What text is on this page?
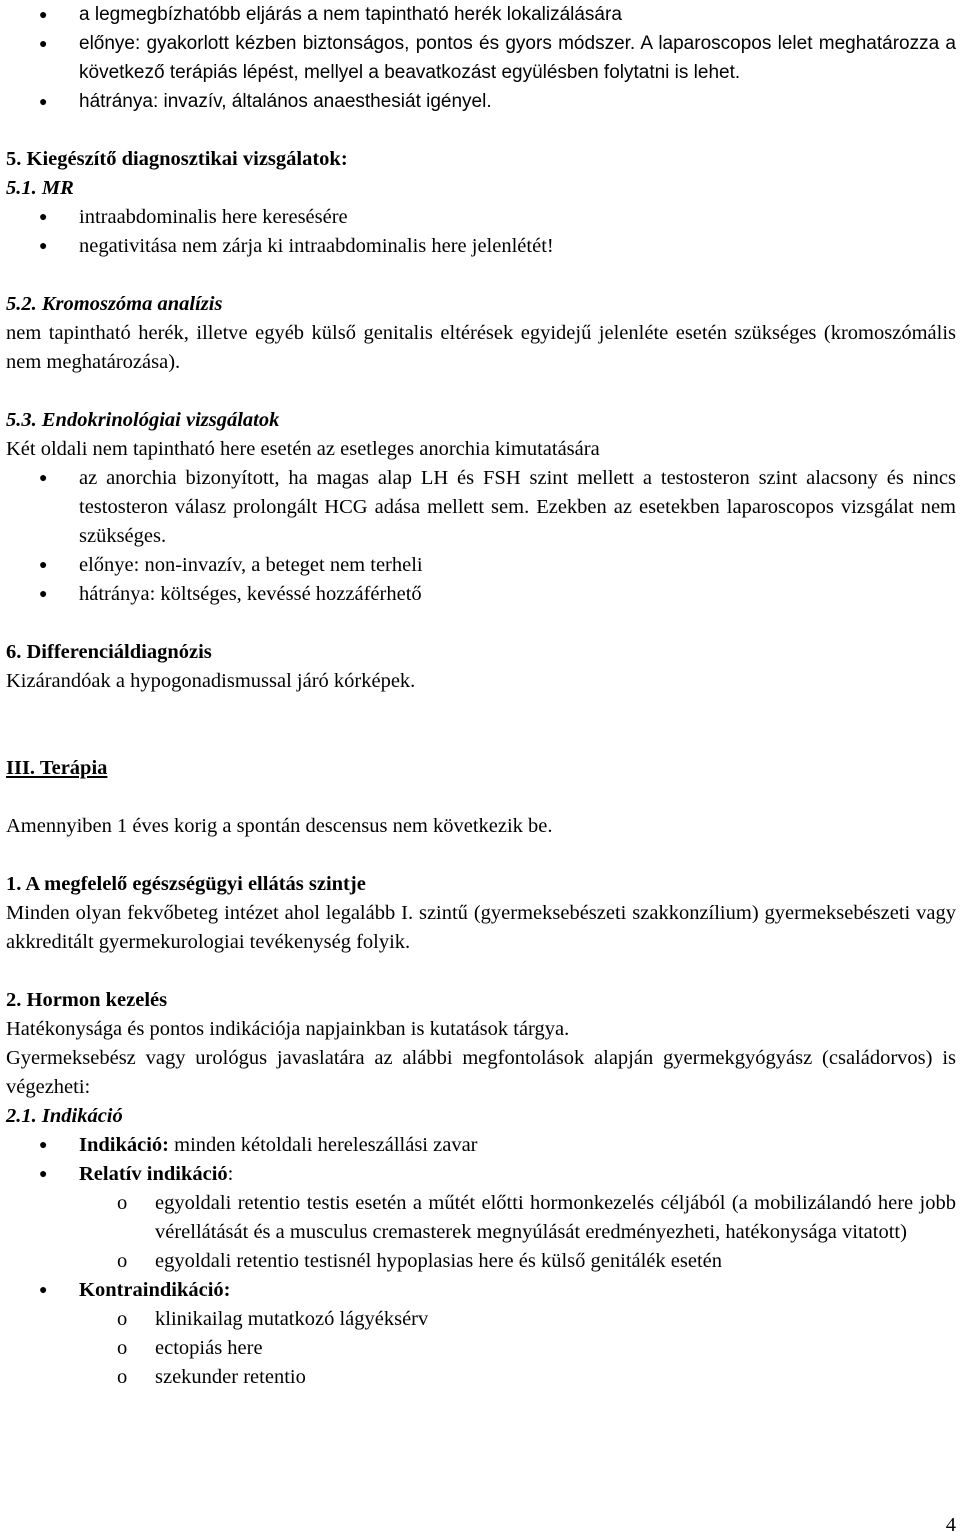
● a legmegbízhatóbb eljárás a nem tapintható herék lokalizálására
● előnye: gyakorlott kézben biztonságos, pontos és gyors módszer. A laparoscopos lelet meghatározza a következő terápiás lépést, mellyel a beavatkozást együlésben folytatni is lehet.
● hátránya: invazív, általános anaesthesiát igényel.

5. Kiegészítő diagnosztikai vizsgálatok:

5.1. MR

● intraabdominalis here keresésére
● negativitása nem zárja ki intraabdominalis here jelenlétét!

5.2. Kromoszóma analízis

nem tapintható herék, illetve egyéb külső genitalis eltérések egyidejű jelenléte esetén szükséges (kromoszómális nem meghatározása).

5.3. Endokrinológiai vizsgálatok

Két oldali nem tapintható here esetén az esetleges anorchia kimutatására

● az anorchia bizonyított, ha magas alap LH és FSH szint mellett a testosteron szint alacsony és nincs testosteron válasz prolongált HCG adása mellett sem. Ezekben az esetekben laparoscopos vizsgálat nem szükséges.
● előnye: non-invazív, a beteget nem terheli
● hátránya: költséges, kevéssé hozzáférhető

6. Differenciáldiagnózis

Kizárandóak a hypogonadismussal járó kórképek.

III. Terápia

Amennyiben 1 éves korig a spontán descensus nem következik be.

1. A megfelelő egészségügyi ellátás szintje

Minden olyan fekvőbeteg intézet ahol legalább I. szintű (gyermeksebészeti szakkonzílium) gyermeksebészeti vagy akkreditált gyermekurologiai tevékenység folyik.

2. Hormon kezelés

Hatékonysága és pontos indikációja napjainkban is kutatások tárgya.

Gyermeksebész vagy urológus javaslatára az alábbi megfontolások alapján gyermekgyógyász (családorvos) is végezheti:

2.1. Indikáció

● Indikáció: minden kétoldali hereleszállási zavar
● Relatív indikáció:
o egyoldali retentio testis esetén a műtét előtti hormonkezelés céljából (a mobilizálandó here jobb vérellátását és a musculus cremasterek megnyúlását eredményezheti, hatékonysága vitatott)
o egyoldali retentio testisnél hypoplasias here és külső genitálék esetén
● Kontraindikáció:
o klinikailag mutatkozó lágyéksérv
o ectopiás here
o szekunder retentio
4
